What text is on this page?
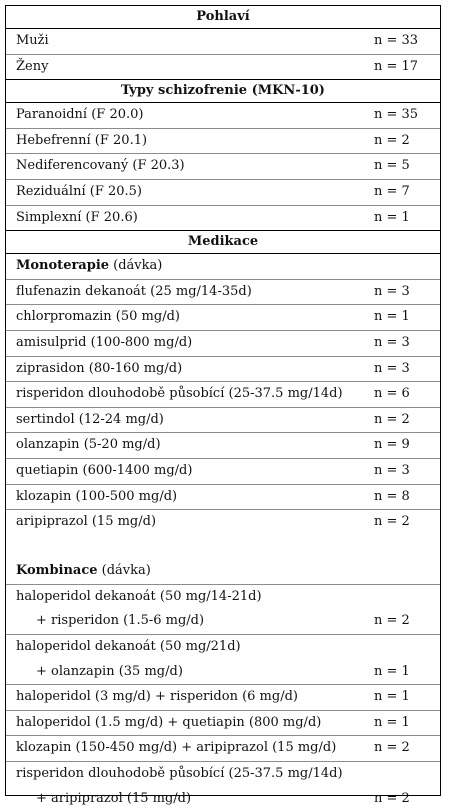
Pohlaví
Muži	n = 33
Ženy	n = 17
Typy schizofrenie (MKN-10)
Paranoidní (F 20.0)	n = 35
Hebefrenní (F 20.1)	n = 2
Nediferencovaný (F 20.3)	n = 5
Reziduální (F 20.5)	n = 7
Simplexní (F 20.6)	n = 1
Medikace
Monoterapie (dávka)
flufenazin dekanoát (25 mg/14-35d)	n = 3
chlorpromazin (50 mg/d)	n = 1
amisulprid (100-800 mg/d)	n = 3
ziprasidon (80-160 mg/d)	n = 3
risperidon dlouhodobě působící (25-37.5 mg/14d) n = 6
sertindol (12-24 mg/d)	n = 2
olanzapin (5-20 mg/d)	n = 9
quetiapin (600-1400 mg/d)	n = 3
klozapin (100-500 mg/d)	n = 8
aripiprazol (15 mg/d)	n = 2
Kombinace (dávka)
haloperidol dekanoát (50 mg/14-21d)
+ risperidon (1.5-6 mg/d)	n = 2
haloperidol dekanoát (50 mg/21d)
+ olanzapin (35 mg/d)	n = 1
haloperidol (3 mg/d) + risperidon (6 mg/d)	n = 1
haloperidol (1.5 mg/d) + quetiapin (800 mg/d)	n = 1
klozapin (150-450 mg/d) + aripiprazol (15 mg/d)	n = 2
risperidon dlouhodobě působící (25-37.5 mg/14d)
+ aripiprazol (15 mg/d)	n = 2
